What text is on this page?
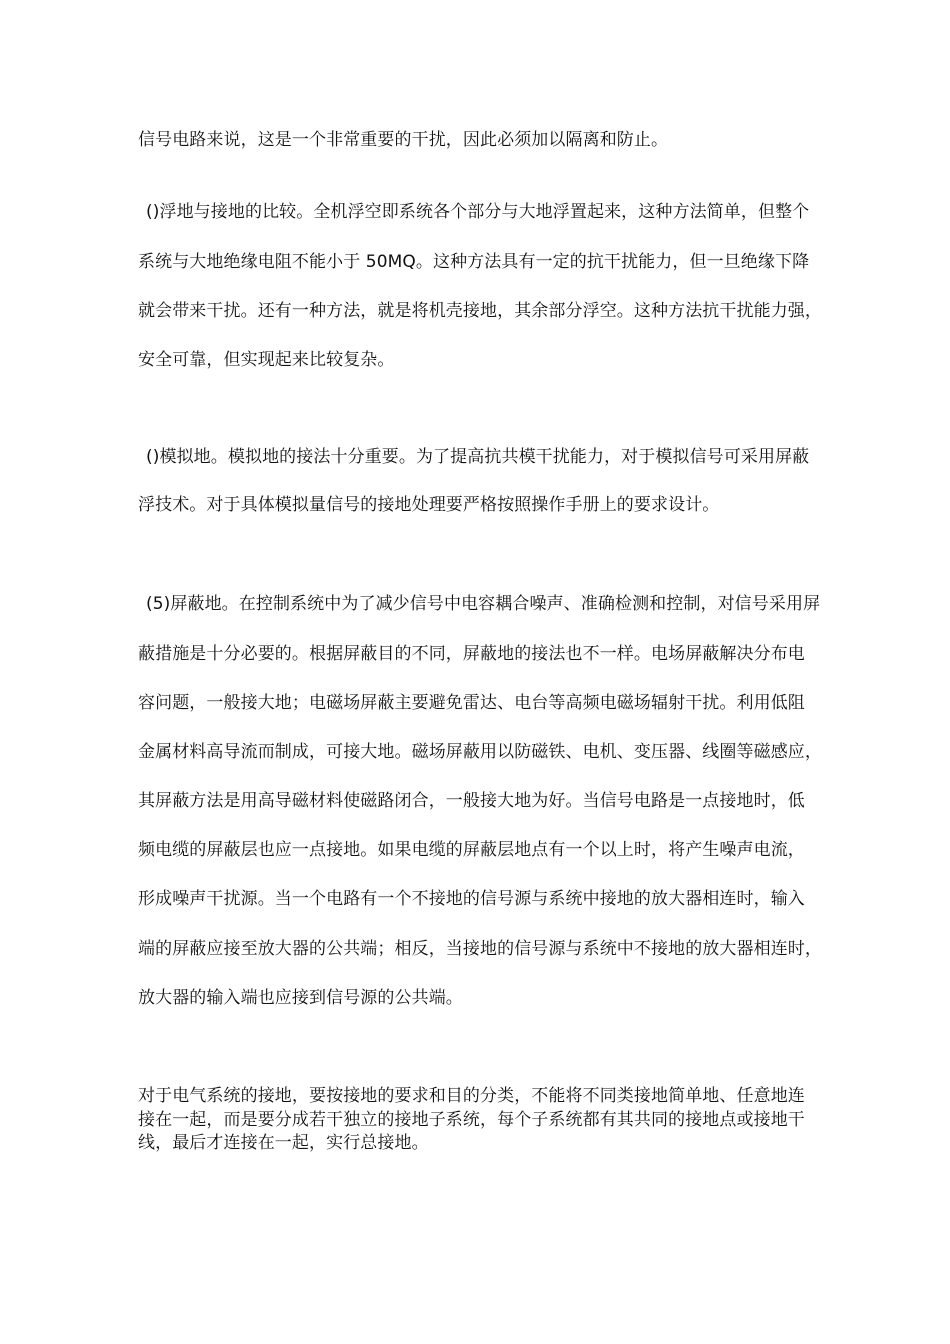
信号电路来说，这是一个非常重要的干扰，因此必须加以隔离和防止。
()浮地与接地的比较。全机浮空即系统各个部分与大地浮置起来，这种方法简单，但整个
系统与大地绝缘电阻不能小于 50MQ。这种方法具有一定的抗干扰能力，但一旦绝缘下降
就会带来干扰。还有一种方法，就是将机壳接地，其余部分浮空。这种方法抗干扰能力强，
安全可靠，但实现起来比较复杂。
()模拟地。模拟地的接法十分重要。为了提高抗共模干扰能力，对于模拟信号可采用屏蔽
浮技术。对于具体模拟量信号的接地处理要严格按照操作手册上的要求设计。
(5)屏蔽地。在控制系统中为了减少信号中电容耦合噪声、准确检测和控制，对信号采用屏
蔽措施是十分必要的。根据屏蔽目的不同，屏蔽地的接法也不一样。电场屏蔽解决分布电
容问题，一般接大地；电磁场屏蔽主要避免雷达、电台等高频电磁场辐射干扰。利用低阻
金属材料高导流而制成，可接大地。磁场屏蔽用以防磁铁、电机、变压器、线圈等磁感应，
其屏蔽方法是用高导磁材料使磁路闭合，一般接大地为好。当信号电路是一点接地时，低
频电缆的屏蔽层也应一点接地。如果电缆的屏蔽层地点有一个以上时，将产生噪声电流，
形成噪声干扰源。当一个电路有一个不接地的信号源与系统中接地的放大器相连时，输入
端的屏蔽应接至放大器的公共端；相反，当接地的信号源与系统中不接地的放大器相连时，
放大器的输入端也应接到信号源的公共端。
对于电气系统的接地，要按接地的要求和目的分类，不能将不同类接地简单地、任意地连
接在一起，而是要分成若干独立的接地子系统，每个子系统都有其共同的接地点或接地干
线，最后才连接在一起，实行总接地。
